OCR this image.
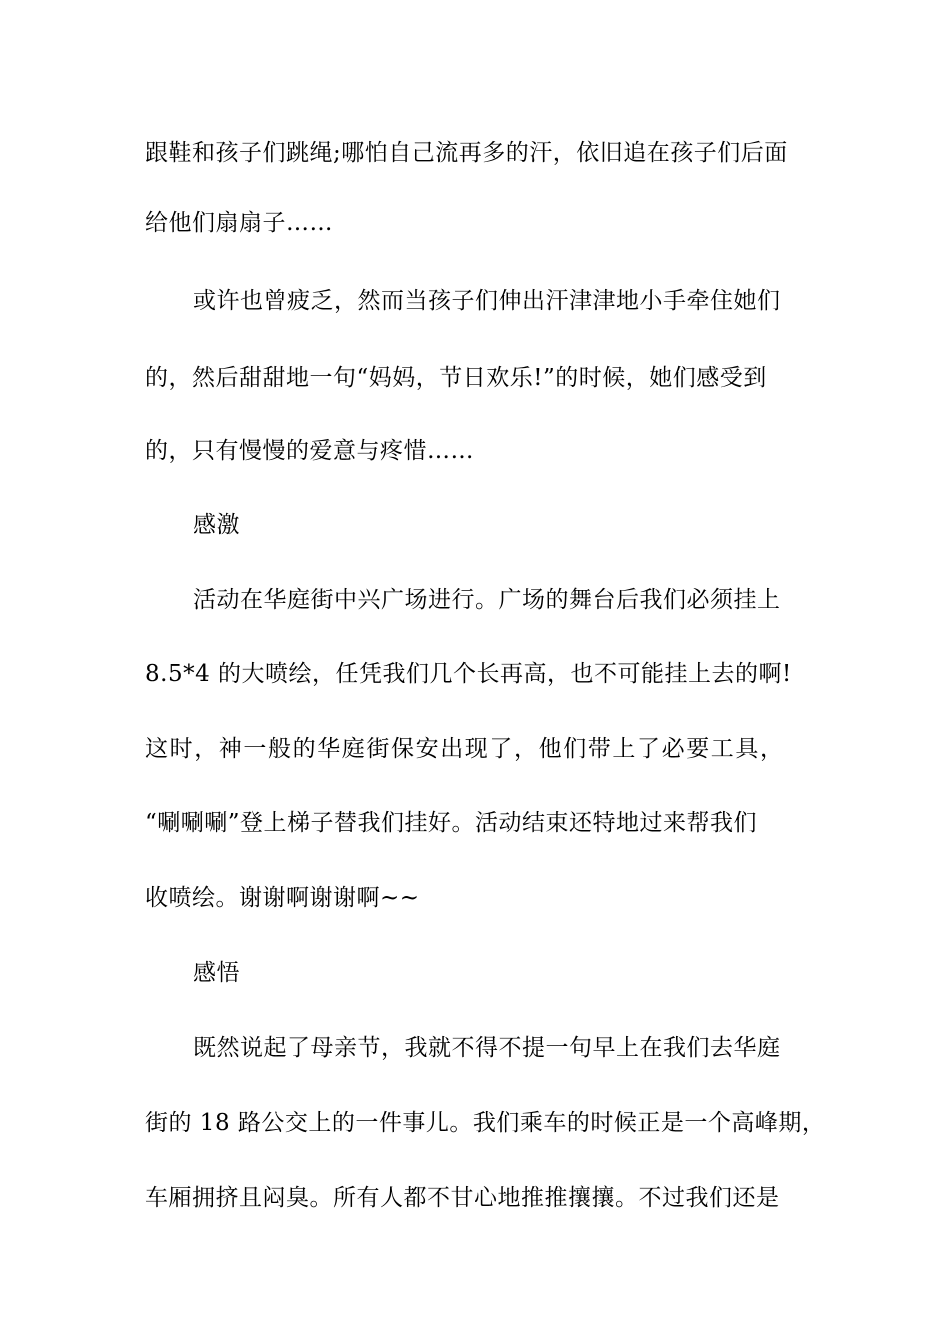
跟鞋和孩子们跳绳;哪怕自己流再多的汗，依旧追在孩子们后面
给他们扇扇子……
或许也曾疲乏，然而当孩子们伸出汗津津地小手牵住她们
的，然后甜甜地一句“妈妈，节日欢乐!”的时候，她们感受到
的，只有慢慢的爱意与疼惜……
感激
活动在华庭街中兴广场进行。广场的舞台后我们必须挂上
8.5*4 的大喷绘，任凭我们几个长再高，也不可能挂上去的啊!
这时，神一般的华庭街保安出现了，他们带上了必要工具，
“唰唰唰”登上梯子替我们挂好。活动结束还特地过来帮我们
收喷绘。谢谢啊谢谢啊~~
感悟
既然说起了母亲节，我就不得不提一句早上在我们去华庭
街的 18 路公交上的一件事儿。我们乘车的时候正是一个高峰期，
车厢拥挤且闷臭。所有人都不甘心地推推攘攘。不过我们还是
